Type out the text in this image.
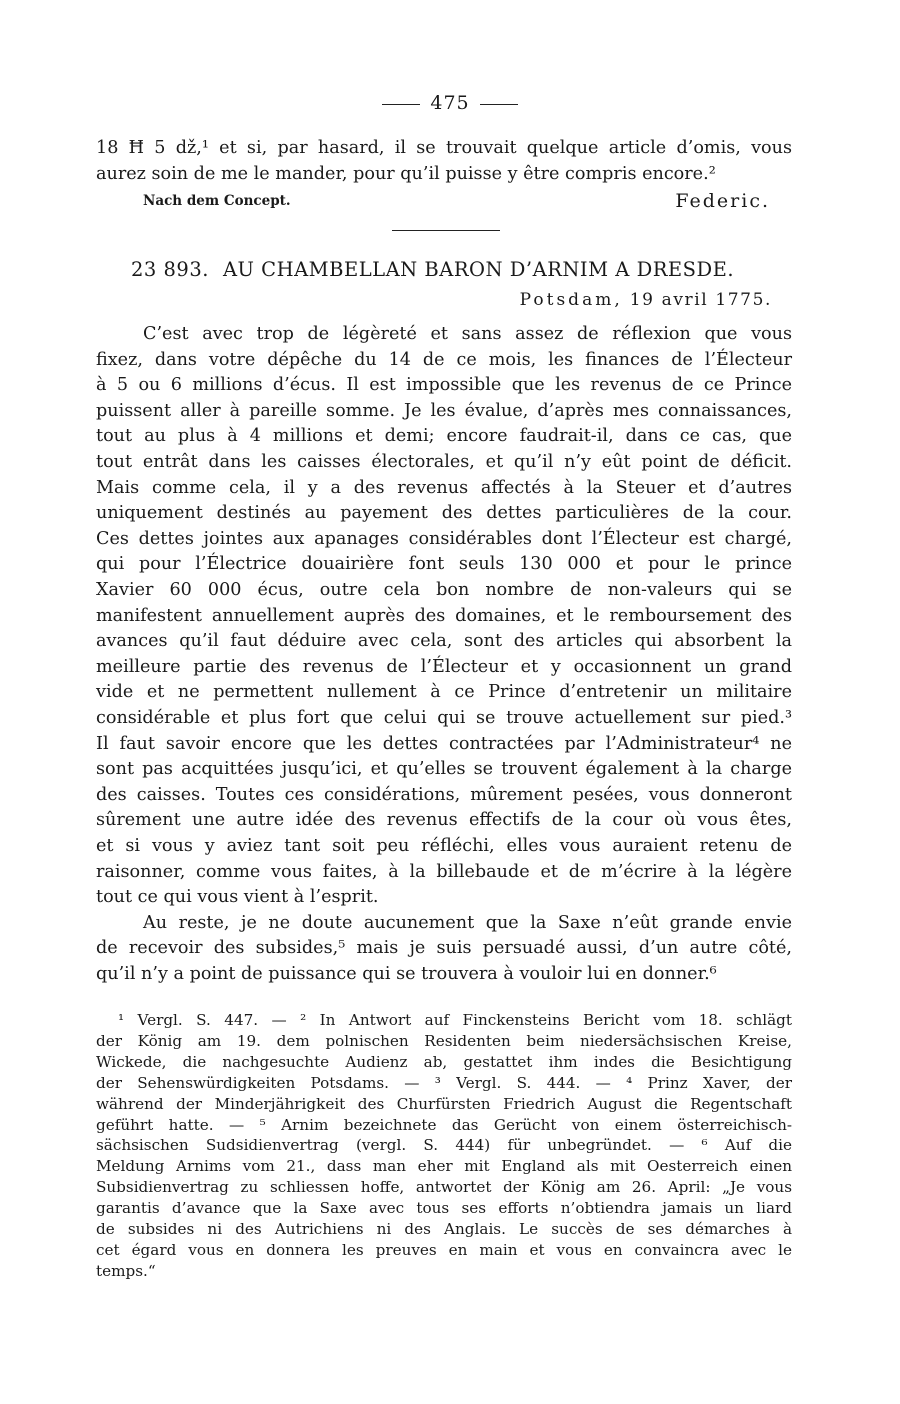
475
18 Ħ 5 ǆ,¹ et si, par hasard, il se trouvait quelque article d’omis, vous
aurez soin de me le mander, pour qu’il puisse y être compris encore.²
Nach dem Concept.	Federic.
23 893. AU CHAMBELLAN BARON D’ARNIM A DRESDE.
Potsdam, 19 avril 1775.
C’est avec trop de légèreté et sans assez de réflexion que vous
fixez, dans votre dépêche du 14 de ce mois, les finances de l’Électeur
à 5 ou 6 millions d’écus. Il est impossible que les revenus de ce Prince
puissent aller à pareille somme. Je les évalue, d’après mes connaissances,
tout au plus à 4 millions et demi; encore faudrait-il, dans ce cas, que
tout entrât dans les caisses électorales, et qu’il n’y eût point de déficit.
Mais comme cela, il y a des revenus affectés à la Steuer et d’autres
uniquement destinés au payement des dettes particulières de la cour.
Ces dettes jointes aux apanages considérables dont l’Électeur est chargé,
qui pour l’Électrice douairière font seuls 130 000 et pour le prince
Xavier 60 000 écus, outre cela bon nombre de non-valeurs qui se
manifestent annuellement auprès des domaines, et le remboursement des
avances qu’il faut déduire avec cela, sont des articles qui absorbent la
meilleure partie des revenus de l’Électeur et y occasionnent un grand
vide et ne permettent nullement à ce Prince d’entretenir un militaire
considérable et plus fort que celui qui se trouve actuellement sur pied.³
Il faut savoir encore que les dettes contractées par l’Administrateur⁴ ne
sont pas acquittées jusqu’ici, et qu’elles se trouvent également à la charge
des caisses. Toutes ces considérations, mûrement pesées, vous donneront
sûrement une autre idée des revenus effectifs de la cour où vous êtes,
et si vous y aviez tant soit peu réfléchi, elles vous auraient retenu de
raisonner, comme vous faites, à la billebaude et de m’écrire à la légère
tout ce qui vous vient à l’esprit.
Au reste, je ne doute aucunement que la Saxe n’eût grande envie
de recevoir des subsides,⁵ mais je suis persuadé aussi, d’un autre côté,
qu’il n’y a point de puissance qui se trouvera à vouloir lui en donner.⁶
¹ Vergl. S. 447. — ² In Antwort auf Finckensteins Bericht vom 18. schlägt
der König am 19. dem polnischen Residenten beim niedersächsischen Kreise,
Wickede, die nachgesuchte Audienz ab, gestattet ihm indes die Besichtigung
der Sehenswürdigkeiten Potsdams. — ³ Vergl. S. 444. — ⁴ Prinz Xaver, der
während der Minderjährigkeit des Churfürsten Friedrich August die Regentschaft
geführt hatte. — ⁵ Arnim bezeichnete das Gerücht von einem österreichisch-
sächsischen Sudsidienvertrag (vergl. S. 444) für unbegründet. — ⁶ Auf die
Meldung Arnims vom 21., dass man eher mit England als mit Oesterreich einen
Subsidienvertrag zu schliessen hoffe, antwortet der König am 26. April: „Je vous
garantis d’avance que la Saxe avec tous ses efforts n’obtiendra jamais un liard
de subsides ni des Autrichiens ni des Anglais. Le succès de ses démarches à
cet égard vous en donnera les preuves en main et vous en convaincra avec le
temps.“
